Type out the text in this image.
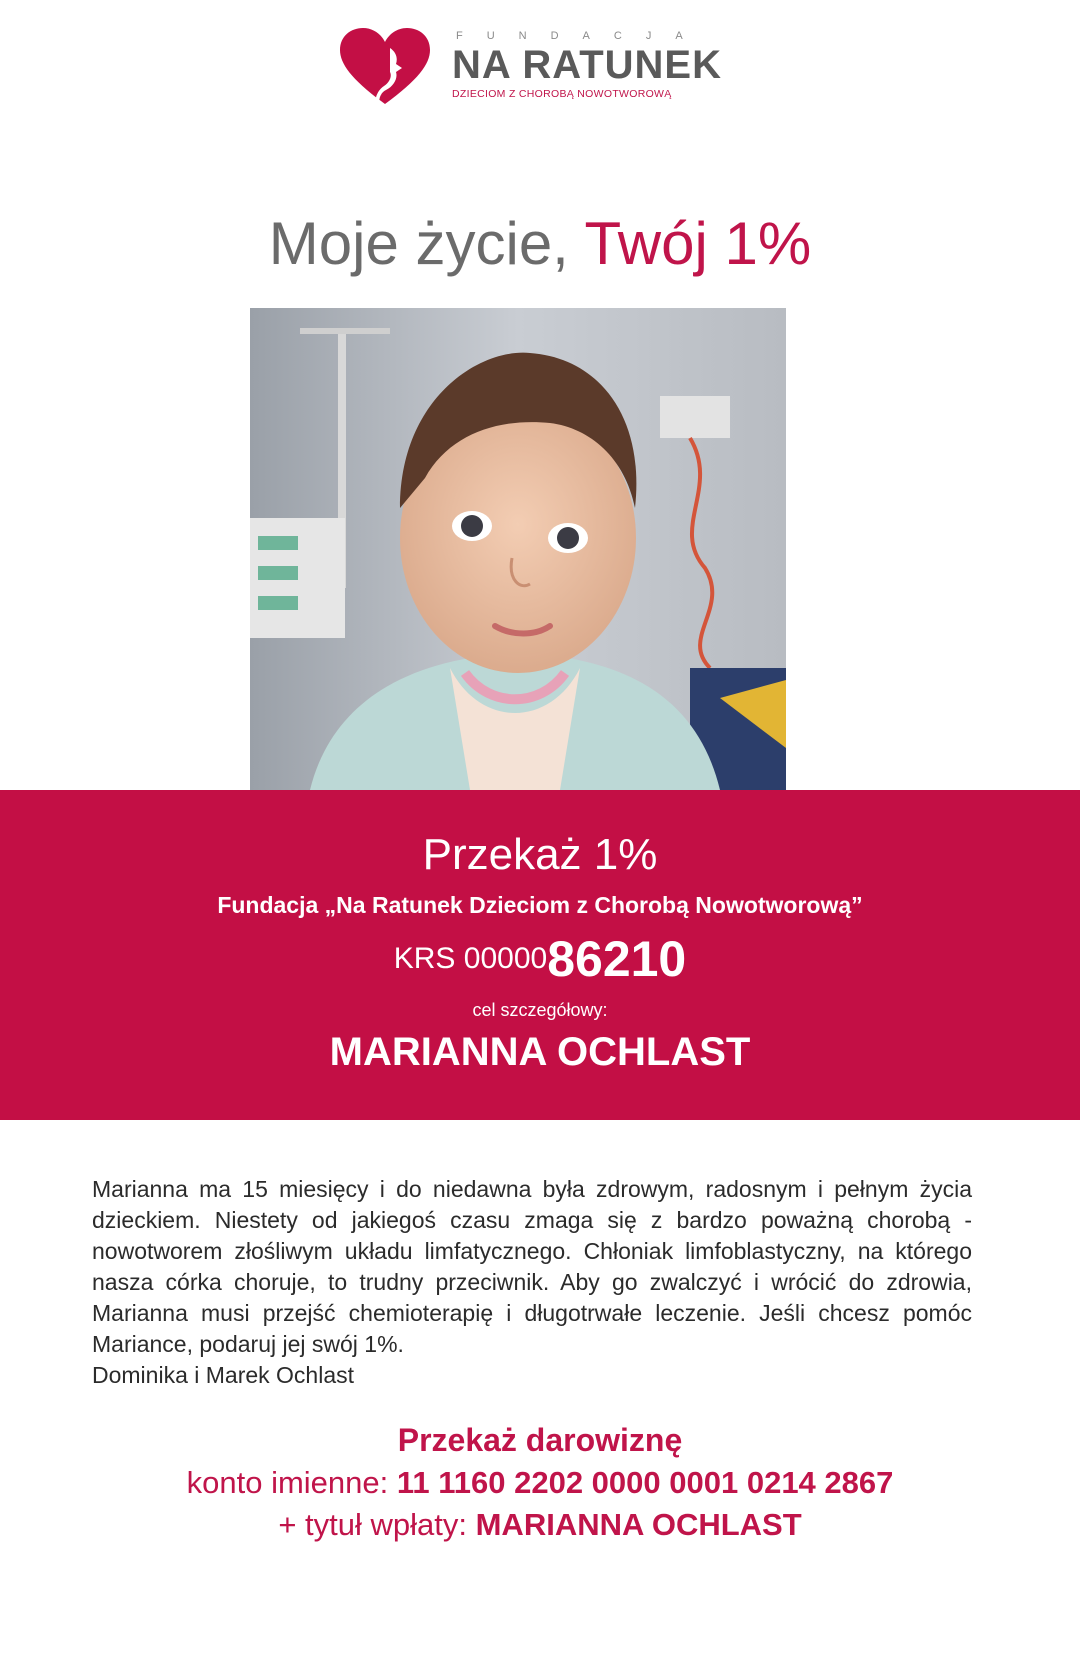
FUNDACJA
NA RATUNEK
DZIECIOM Z CHOROBĄ NOWOTWOROWĄ
Moje życie, Twój 1%
Przekaż 1%
Fundacja „Na Ratunek Dzieciom z Chorobą Nowotworową”
KRS 0000086210
cel szczegółowy:
MARIANNA OCHLAST
Marianna ma 15 miesięcy i do niedawna była zdrowym, radosnym i pełnym życia dzieckiem. Niestety od jakiegoś czasu zmaga się z bardzo poważną chorobą - nowotworem złośliwym układu limfatycznego. Chłoniak limfoblastyczny, na którego nasza córka choruje, to trudny przeciwnik. Aby go zwalczyć i wrócić do zdrowia, Marianna musi przejść chemioterapię i długotrwałe leczenie. Jeśli chcesz pomóc Mariance, podaruj jej swój 1%.
Dominika i Marek Ochlast
Przekaż darowiznę
konto imienne: 11 1160 2202 0000 0001 0214 2867
+ tytuł wpłaty: MARIANNA OCHLAST
